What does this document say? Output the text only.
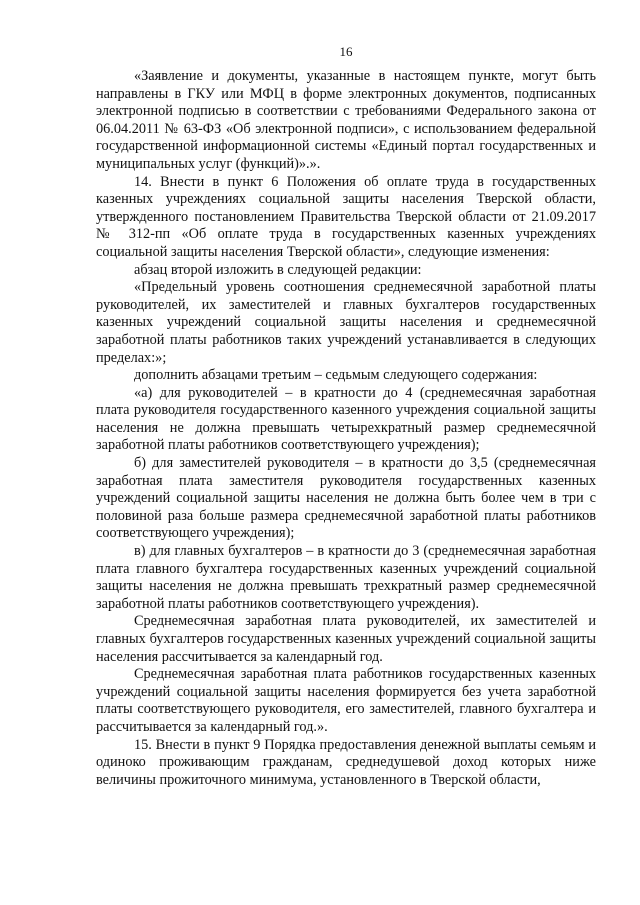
16

«Заявление и документы, указанные в настоящем пункте, могут быть направлены в ГКУ или МФЦ в форме электронных документов, подписанных электронной подписью в соответствии с требованиями Федерального закона от 06.04.2011 № 63-ФЗ «Об электронной подписи», с использованием федеральной государственной информационной системы «Единый портал государственных и муниципальных услуг (функций)».».

14. Внести в пункт 6 Положения об оплате труда в государственных казенных учреждениях социальной защиты населения Тверской области, утвержденного постановлением Правительства Тверской области от 21.09.2017 № 312-пп «Об оплате труда в государственных казенных учреждениях социальной защиты населения Тверской области», следующие изменения:

абзац второй изложить в следующей редакции:

«Предельный уровень соотношения среднемесячной заработной платы руководителей, их заместителей и главных бухгалтеров государственных казенных учреждений социальной защиты населения и среднемесячной заработной платы работников таких учреждений устанавливается в следующих пределах:»;

дополнить абзацами третьим – седьмым следующего содержания:

«а) для руководителей – в кратности до 4 (среднемесячная заработная плата руководителя государственного казенного учреждения социальной защиты населения не должна превышать четырехкратный размер среднемесячной заработной платы работников соответствующего учреждения);

б) для заместителей руководителя – в кратности до 3,5 (среднемесячная заработная плата заместителя руководителя государственных казенных учреждений социальной защиты населения не должна быть более чем в три с половиной раза больше размера среднемесячной заработной платы работников соответствующего учреждения);

в) для главных бухгалтеров – в кратности до 3 (среднемесячная заработная плата главного бухгалтера государственных казенных учреждений социальной защиты населения не должна превышать трехкратный размер среднемесячной заработной платы работников соответствующего учреждения).

Среднемесячная заработная плата руководителей, их заместителей и главных бухгалтеров государственных казенных учреждений социальной защиты населения рассчитывается за календарный год.

Среднемесячная заработная плата работников государственных казенных учреждений социальной защиты населения формируется без учета заработной платы соответствующего руководителя, его заместителей, главного бухгалтера и рассчитывается за календарный год.».

15. Внести в пункт 9 Порядка предоставления денежной выплаты семьям и одиноко проживающим гражданам, среднедушевой доход которых ниже величины прожиточного минимума, установленного в Тверской области,
